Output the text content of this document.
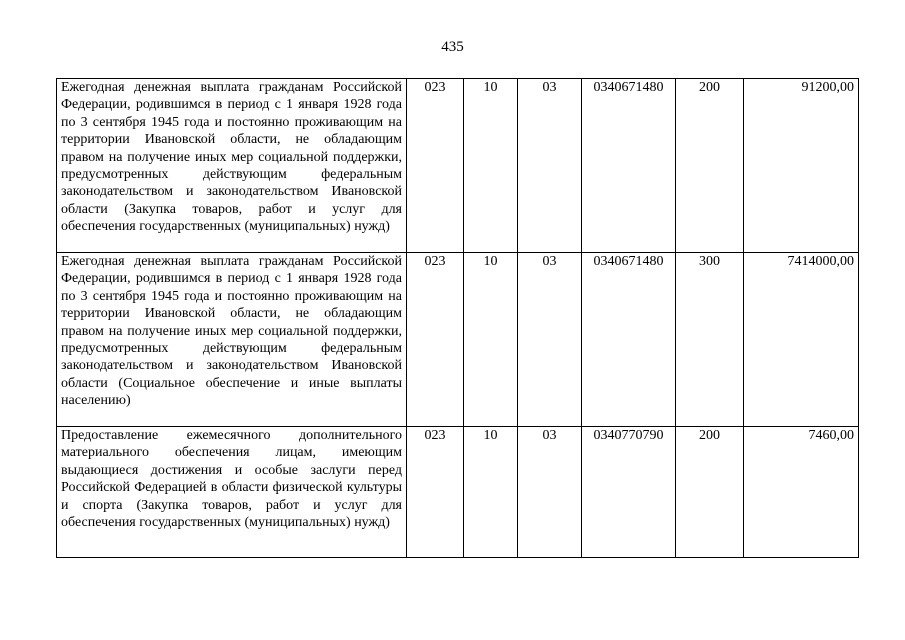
435
Ежегодная денежная выплата гражданам Российской Федерации, родившимся в период с 1 января 1928 года по 3 сентября 1945 года и постоянно проживающим на территории Ивановской области, не обладающим правом на получение иных мер социальной поддержки, предусмотренных действующим федеральным законодательством и законодательством Ивановской области (Закупка товаров, работ и услуг для обеспечения государственных (муниципальных) нужд)	023	10	03	0340671480	200	91200,00
Ежегодная денежная выплата гражданам Российской Федерации, родившимся в период с 1 января 1928 года по 3 сентября 1945 года и постоянно проживающим на территории Ивановской области, не обладающим правом на получение иных мер социальной поддержки, предусмотренных действующим федеральным законодательством и законодательством Ивановской области (Социальное обеспечение и иные выплаты населению)	023	10	03	0340671480	300	7414000,00
Предоставление ежемесячного дополнительного материального обеспечения лицам, имеющим выдающиеся достижения и особые заслуги перед Российской Федерацией в области физической культуры и спорта (Закупка товаров, работ и услуг для обеспечения государственных (муниципальных) нужд)	023	10	03	0340770790	200	7460,00
